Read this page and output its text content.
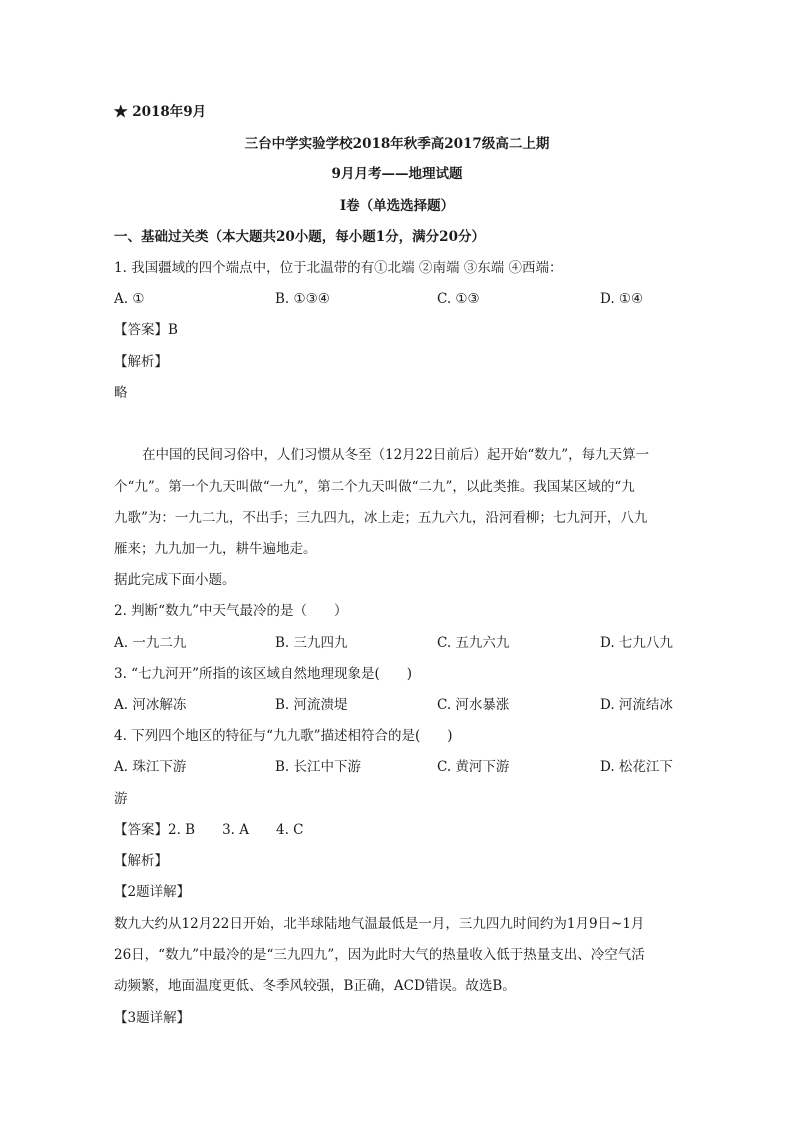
★ 2018年9月
三台中学实验学校2018年秋季高2017级高二上期
9月月考——地理试题
Ⅰ卷（单选选择题）
一、基础过关类（本大题共20小题，每小题1分，满分20分）
1. 我国疆域的四个端点中，位于北温带的有①北端 ②南端 ③东端 ④西端：
A. ①	B. ①③④	C. ①③	D. ①④
【答案】B
【解析】
略
在中国的民间习俗中，人们习惯从冬至（12月22日前后）起开始“数九”，每九天算一
个“九”。第一个九天叫做“一九”，第二个九天叫做“二九”，以此类推。我国某区域的“九
九歌”为：一九二九，不出手；三九四九，冰上走；五九六九，沿河看柳；七九河开，八九
雁来；九九加一九，耕牛遍地走。
据此完成下面小题。
2. 判断“数九”中天气最冷的是（　　）
A. 一九二九	B. 三九四九	C. 五九六九	D. 七九八九
3. “七九河开”所指的该区域自然地理现象是(　　)
A. 河冰解冻	B. 河流溃堤	C. 河水暴涨	D. 河流结冰
4. 下列四个地区的特征与“九九歌”描述相符合的是(　　)
A. 珠江下游	B. 长江中下游	C. 黄河下游	D. 松花江下
游
【答案】2. B　　3. A　　4. C
【解析】
【2题详解】
数九大约从12月22日开始，北半球陆地气温最低是一月，三九四九时间约为1月9日~1月
26日，“数九”中最冷的是“三九四九”，因为此时大气的热量收入低于热量支出、冷空气活
动频繁，地面温度更低、冬季风较强，B正确，ACD错误。故选B。
【3题详解】
